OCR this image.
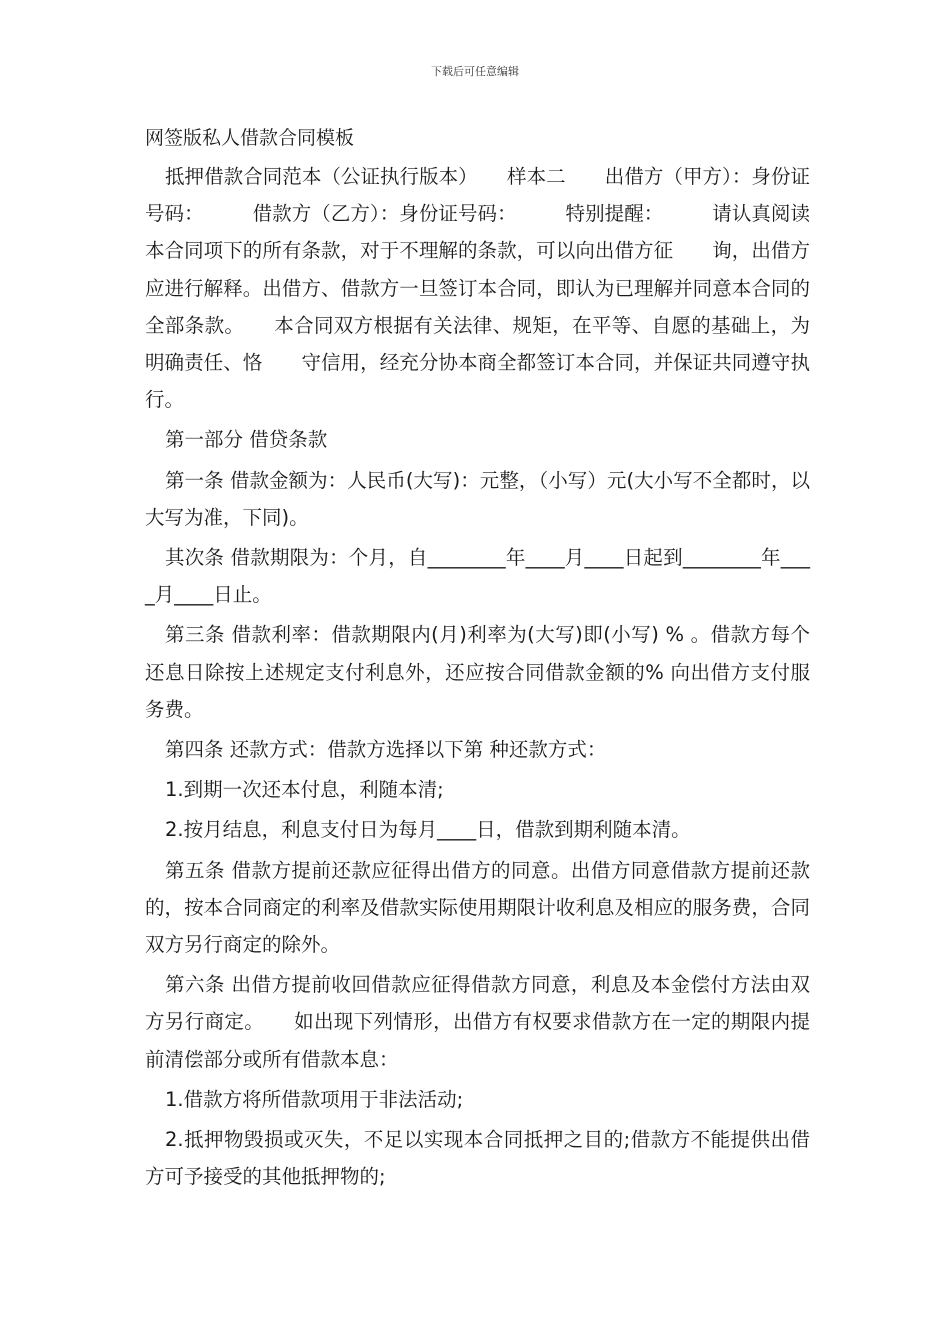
下载后可任意编辑
网签版私人借款合同模板

抵押借款合同范本（公证执行版本）　　样本二　　出借方（甲方）：身份证号码：　　　借款方（乙方）：身份证号码：　　　特别提醒：　　　请认真阅读本合同项下的所有条款，对于不理解的条款，可以向出借方征　　询，出借方应进行解释。出借方、借款方一旦签订本合同，即认为已理解并同意本合同的全部条款。　　本合同双方根据有关法律、规矩，在平等、自愿的基础上，为明确责任、恪　　守信用，经充分协本商全都签订本合同，并保证共同遵守执行。

第一部分 借贷条款

第一条 借款金额为：人民币(大写)：元整，（小写）元(大小写不全都时，以大写为准，下同)。

其次条 借款期限为：个月，自________年____月____日起到________年____月____日止。

第三条 借款利率：借款期限内(月)利率为(大写)即(小写) % 。借款方每个还息日除按上述规定支付利息外，还应按合同借款金额的% 向出借方支付服务费。

第四条 还款方式：借款方选择以下第 种还款方式：

1.到期一次还本付息，利随本清;

2.按月结息，利息支付日为每月____日，借款到期利随本清。

第五条 借款方提前还款应征得出借方的同意。出借方同意借款方提前还款的，按本合同商定的利率及借款实际使用期限计收利息及相应的服务费，合同双方另行商定的除外。

第六条 出借方提前收回借款应征得借款方同意，利息及本金偿付方法由双方另行商定。　　如出现下列情形，出借方有权要求借款方在一定的期限内提前清偿部分或所有借款本息：

1.借款方将所借款项用于非法活动;

2.抵押物毁损或灭失，不足以实现本合同抵押之目的;借款方不能提供出借方可予接受的其他抵押物的;
